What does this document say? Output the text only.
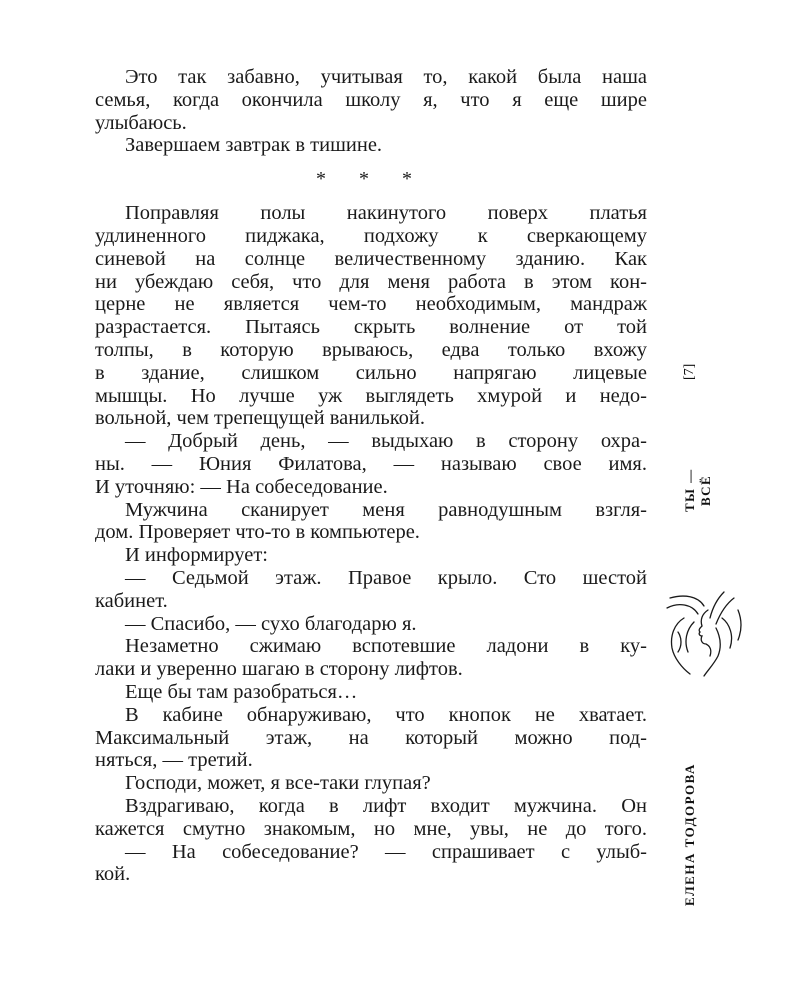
Это так забавно, учитывая то, какой была наша
семья, когда окончила школу я, что я еще шире
улыбаюсь.
Завершаем завтрак в тишине.
* * *
Поправляя полы накинутого поверх платья
удлиненного пиджака, подхожу к сверкающему
синевой на солнце величественному зданию. Как
ни убеждаю себя, что для меня работа в этом кон-
церне не является чем-то необходимым, мандраж
разрастается. Пытаясь скрыть волнение от той
толпы, в которую врываюсь, едва только вхожу
в здание, слишком сильно напрягаю лицевые
мышцы. Но лучше уж выглядеть хмурой и недо-
вольной, чем трепещущей ванилькой.
— Добрый день, — выдыхаю в сторону охра-
ны. — Юния Филатова, — называю свое имя.
И уточняю: — На собеседование.
Мужчина сканирует меня равнодушным взгля-
дом. Проверяет что-то в компьютере.
И информирует:
— Седьмой этаж. Правое крыло. Сто шестой
кабинет.
— Спасибо, — сухо благодарю я.
Незаметно сжимаю вспотевшие ладони в ку-
лаки и уверенно шагаю в сторону лифтов.
Еще бы там разобраться…
В кабине обнаруживаю, что кнопок не хватает.
Максимальный этаж, на который можно под-
няться, — третий.
Господи, может, я все-таки глупая?
Вздрагиваю, когда в лифт входит мужчина. Он
кажется смутно знакомым, но мне, увы, не до того.
— На собеседование? — спрашивает с улыб-
кой.
[7]
ТЫ — ВСЁ
ЕЛЕНА ТОДОРОВА
